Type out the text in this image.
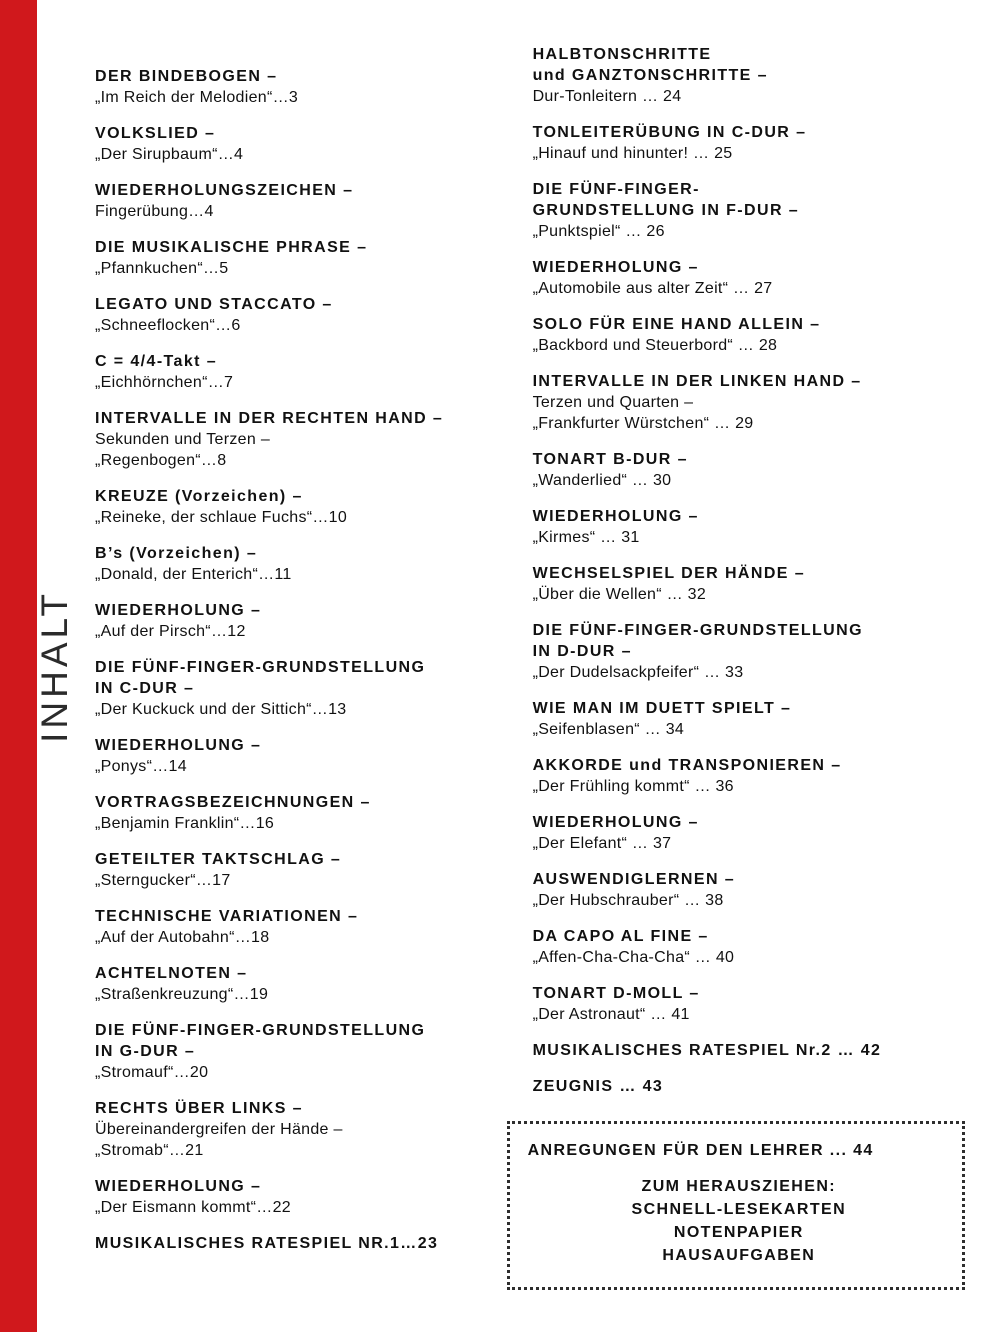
INHALT
DER BINDEBOGEN –
„Im Reich der Melodien“…3
VOLKSLIED –
„Der Sirupbaum“…4
WIEDERHOLUNGSZEICHEN –
Fingerübung…4
DIE MUSIKALISCHE PHRASE –
„Pfannkuchen“…5
LEGATO UND STACCATO –
„Schneeflocken“…6
C = 4/4-Takt –
„Eichhörnchen“…7
INTERVALLE IN DER RECHTEN HAND –
Sekunden und Terzen –
„Regenbogen“…8
KREUZE (Vorzeichen) –
„Reineke, der schlaue Fuchs“…10
B’s (Vorzeichen) –
„Donald, der Enterich“…11
WIEDERHOLUNG –
„Auf der Pirsch“…12
DIE FÜNF-FINGER-GRUNDSTELLUNG
IN C-DUR –
„Der Kuckuck und der Sittich“…13
WIEDERHOLUNG –
„Ponys“…14
VORTRAGSBEZEICHNUNGEN –
„Benjamin Franklin“…16
GETEILTER TAKTSCHLAG –
„Sterngucker“…17
TECHNISCHE VARIATIONEN –
„Auf der Autobahn“…18
ACHTELNOTEN –
„Straßenkreuzung“…19
DIE FÜNF-FINGER-GRUNDSTELLUNG
IN G-DUR –
„Stromauf“…20
RECHTS ÜBER LINKS –
Übereinandergreifen der Hände –
„Stromab“…21
WIEDERHOLUNG –
„Der Eismann kommt“…22
MUSIKALISCHES RATESPIEL NR.1…23
HALBTONSCHRITTE
und GANZTONSCHRITTE –
Dur-Tonleitern … 24
TONLEITERÜBUNG IN C-DUR –
„Hinauf und hinunter! … 25
DIE FÜNF-FINGER-
GRUNDSTELLUNG IN F-DUR –
„Punktspiel“ … 26
WIEDERHOLUNG –
„Automobile aus alter Zeit“ … 27
SOLO FÜR EINE HAND ALLEIN –
„Backbord und Steuerbord“ … 28
INTERVALLE IN DER LINKEN HAND –
Terzen und Quarten –
„Frankfurter Würstchen“ … 29
TONART B-DUR –
„Wanderlied“ … 30
WIEDERHOLUNG –
„Kirmes“ … 31
WECHSELSPIEL DER HÄNDE –
„Über die Wellen“ … 32
DIE FÜNF-FINGER-GRUNDSTELLUNG
IN D-DUR –
„Der Dudelsackpfeifer“ … 33
WIE MAN IM DUETT SPIELT –
„Seifenblasen“ … 34
AKKORDE und TRANSPONIEREN –
„Der Frühling kommt“ … 36
WIEDERHOLUNG –
„Der Elefant“ … 37
AUSWENDIGLERNEN –
„Der Hubschrauber“ … 38
DA CAPO AL FINE –
„Affen-Cha-Cha-Cha“ … 40
TONART D-MOLL –
„Der Astronaut“ … 41
MUSIKALISCHES RATESPIEL Nr.2 … 42
ZEUGNIS … 43
ANREGUNGEN FÜR DEN LEHRER ... 44
ZUM HERAUSZIEHEN:
SCHNELL-LESEKARTEN
NOTENPAPIER
HAUSAUFGABEN
